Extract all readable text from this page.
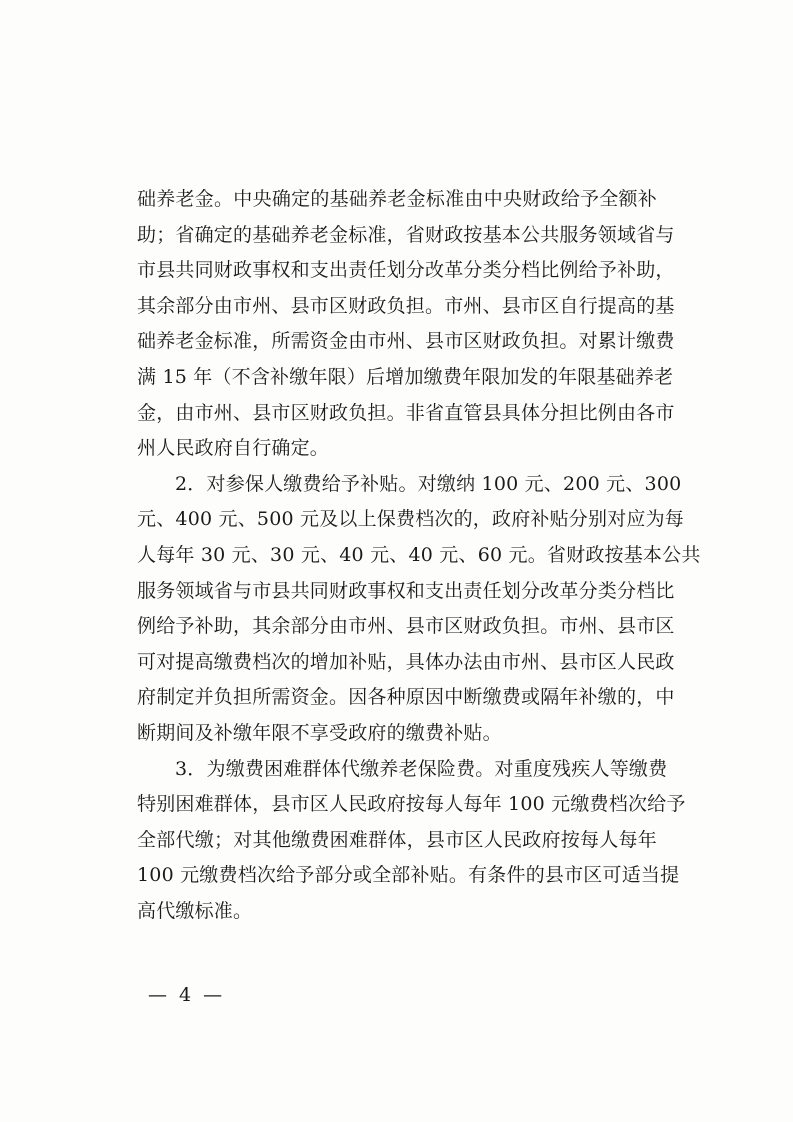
础养老金。中央确定的基础养老金标准由中央财政给予全额补
助；省确定的基础养老金标准，省财政按基本公共服务领域省与
市县共同财政事权和支出责任划分改革分类分档比例给予补助，
其余部分由市州、县市区财政负担。市州、县市区自行提高的基
础养老金标准，所需资金由市州、县市区财政负担。对累计缴费
满 15 年（不含补缴年限）后增加缴费年限加发的年限基础养老
金，由市州、县市区财政负担。非省直管县具体分担比例由各市
州人民政府自行确定。
2．对参保人缴费给予补贴。对缴纳 100 元、200 元、300
元、400 元、500 元及以上保费档次的，政府补贴分别对应为每
人每年 30 元、30 元、40 元、40 元、60 元。省财政按基本公共
服务领域省与市县共同财政事权和支出责任划分改革分类分档比
例给予补助，其余部分由市州、县市区财政负担。市州、县市区
可对提高缴费档次的增加补贴，具体办法由市州、县市区人民政
府制定并负担所需资金。因各种原因中断缴费或隔年补缴的，中
断期间及补缴年限不享受政府的缴费补贴。
3．为缴费困难群体代缴养老保险费。对重度残疾人等缴费
特别困难群体，县市区人民政府按每人每年 100 元缴费档次给予
全部代缴；对其他缴费困难群体，县市区人民政府按每人每年
100 元缴费档次给予部分或全部补贴。有条件的县市区可适当提
高代缴标准。
— 4 —
